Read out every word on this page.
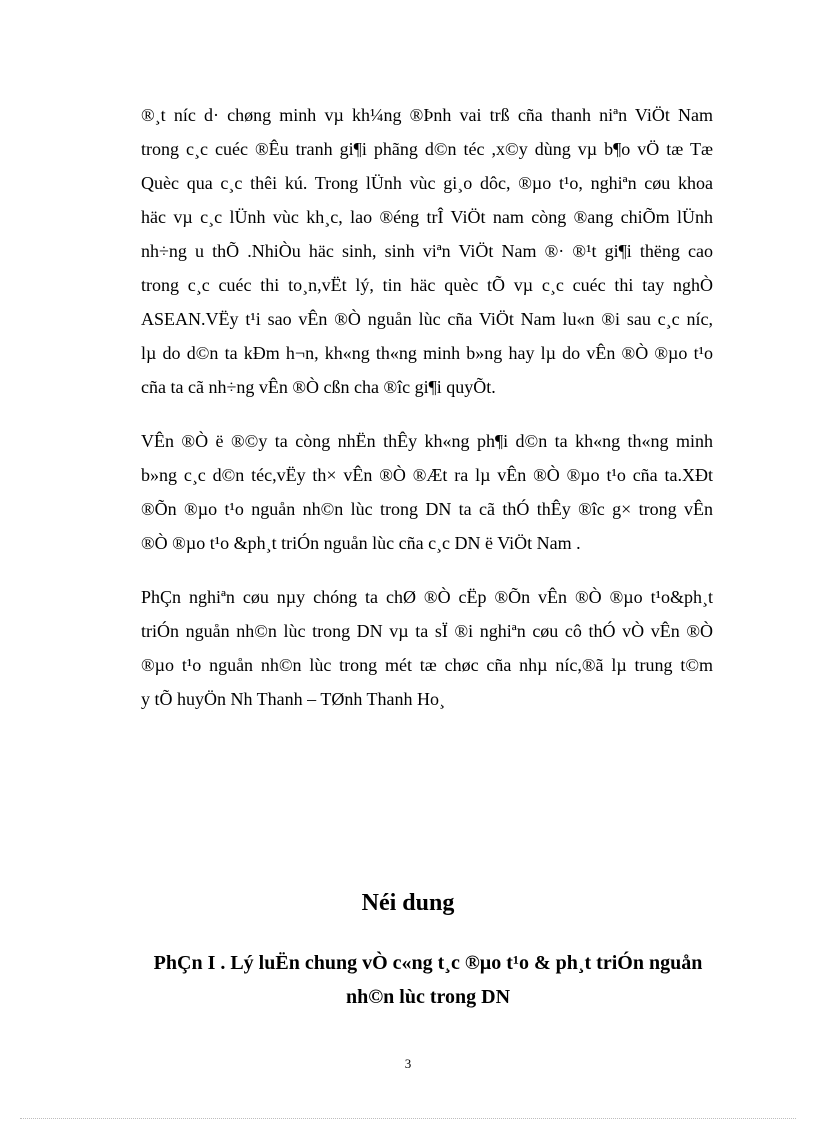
®¸t níc d· chøng minh vµ kh¼ng ®Þnh vai trß cña thanh niªn ViÖt Nam
trong c¸c cuéc ®Êu tranh gi¶i phãng d©n téc ,x©y dùng vµ b¶o vÖ tæ Tæ
Quèc qua c¸c thêi kú. Trong lÜnh vùc gi¸o dôc, ®µo t¹o, nghiªn cøu khoa
häc vµ c¸c lÜnh vùc kh¸c, lao ®éng trÎ ViÖt nam còng ®ang chiÕm lÜnh
nh÷ng u thÕ .NhiÒu häc sinh, sinh viªn ViÖt Nam ®· ®¹t gi¶i thëng cao
trong c¸c cuéc thi to¸n,vËt lý, tin häc quèc tÕ vµ c¸c cuéc thi tay nghÒ
ASEAN.VËy t¹i sao vÊn ®Ò nguån lùc cña ViÖt Nam lu«n ®i sau c¸c níc,
lµ do d©n ta kÐm h¬n, kh«ng th«ng minh b»ng hay lµ do vÊn ®Ò ®µo t¹o
cña ta cã nh÷ng vÊn ®Ò cßn cha ®îc gi¶i quyÕt.
VÊn ®Ò ë ®©y ta còng nhËn thÊy kh«ng ph¶i d©n ta kh«ng th«ng minh
b»ng c¸c d©n téc,vËy th× vÊn ®Ò ®Æt ra lµ vÊn ®Ò ®µo t¹o cña ta.XÐt
®Õn ®µo t¹o nguån nh©n lùc trong DN ta cã thÓ thÊy ®îc g× trong vÊn
®Ò ®µo t¹o &ph¸t triÓn nguån lùc cña c¸c DN ë ViÖt Nam .
PhÇn nghiªn cøu nµy chóng ta chØ ®Ò cËp ®Õn vÊn ®Ò ®µo t¹o&ph¸t
triÓn nguån nh©n lùc trong DN vµ ta sÏ ®i nghiªn cøu cô thÓ vÒ vÊn ®Ò
®µo t¹o nguån nh©n lùc trong mét tæ chøc cña nhµ níc,®ã lµ trung t©m
y tÕ huyÖn Nh Thanh – TØnh Thanh Ho¸
Néi dung
PhÇn I . Lý luËn chung vÒ c«ng t¸c ®µo t¹o & ph¸t triÓn nguån
nh©n lùc trong DN
3
